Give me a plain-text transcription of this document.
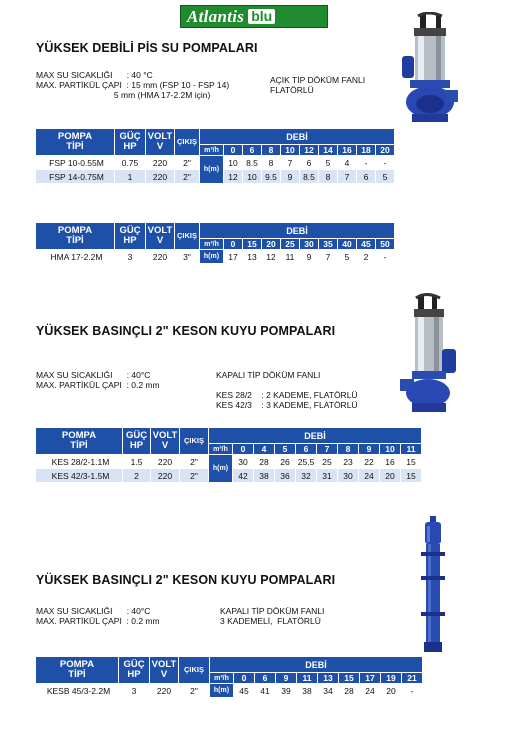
Atlantis blu
YÜKSEK DEBİLİ PİS SU POMPALARI
MAX SU SICAKLIĞI      : 40 °C
MAX. PARTİKÜL ÇAPI  : 15 mm (FSP 10 - FSP 14)
5 mm (HMA 17-2.2M için)
AÇIK TİP DÖKÜM FANLI
FLATÖRLÜ
POMPA
TİPİ	GÜÇ
HP	VOLT
V	ÇIKIŞ	DEBİ									
				m³/h	0	6	8	10	12	14	16	18	20
FSP 10-0.55M	0.75	220	2"	h(m)	10	8.5	8	7	6	5	4	-	-
FSP 14-0.75M	1	220	2"		12	10	9.5	9	8.5	8	7	6	5
POMPA
TİPİ	GÜÇ
HP	VOLT
V	ÇIKIŞ	DEBİ									
				m³/h	0	15	20	25	30	35	40	45	50
HMA 17-2.2M	3	220	3"	h(m)	17	13	12	11	9	7	5	2	-
YÜKSEK BASINÇLI 2" KESON KUYU POMPALARI
MAX SU SICAKLIĞI      : 40°C
MAX. PARTİKÜL ÇAPI  : 0.2 mm
KAPALI TİP DÖKÜM FANLI

KES 28/2    : 2 KADEME, FLATÖRLÜ
KES 42/3    : 3 KADEME, FLATÖRLÜ
POMPA
TİPİ	GÜÇ
HP	VOLT
V	ÇIKIŞ	DEBİ									
				m³/h	0	4	5	6	7	8	9	10	11
KES 28/2-1.1M	1.5	220	2"	h(m)	30	28	26	25.5	25	23	22	16	15
KES 42/3-1.5M	2	220	2"		42	38	36	32	31	30	24	20	15
YÜKSEK BASINÇLI 2" KESON KUYU POMPALARI
MAX SU SICAKLIĞI      : 40°C
MAX. PARTİKÜL ÇAPI  : 0.2 mm
KAPALI TİP DÖKÜM FANLI
3 KADEMELİ,  FLATÖRLÜ
POMPA
TİPİ	GÜÇ
HP	VOLT
V	ÇIKIŞ	DEBİ									
				m³/h	0	6	9	11	13	15	17	19	21
KESB 45/3-2.2M	3	220	2"	h(m)	45	41	39	38	34	28	24	20	-
